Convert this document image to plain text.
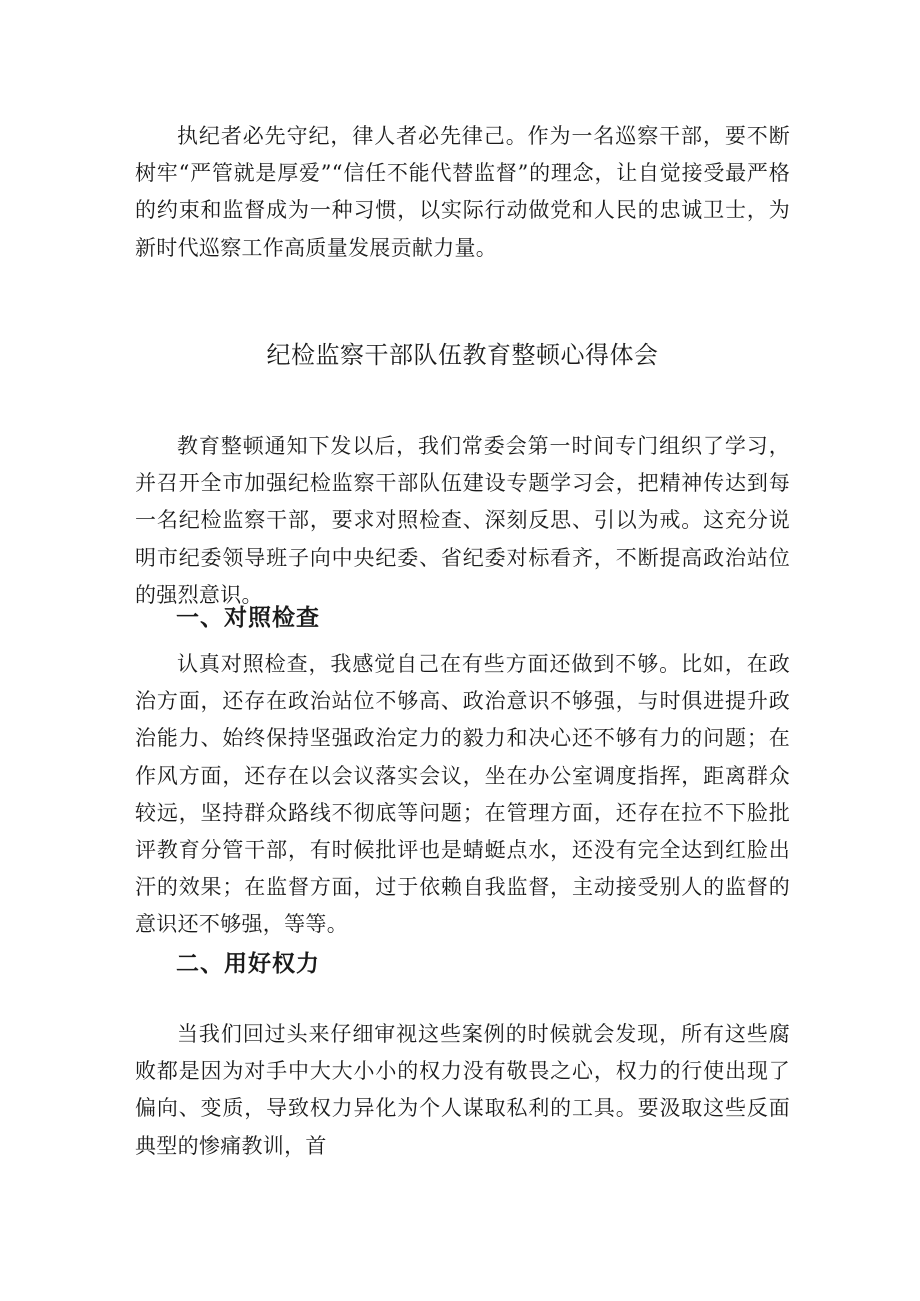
执纪者必先守纪，律人者必先律己。作为一名巡察干部，要不断树牢“严管就是厚爱”“信任不能代替监督”的理念，让自觉接受最严格的约束和监督成为一种习惯，以实际行动做党和人民的忠诚卫士，为新时代巡察工作高质量发展贡献力量。

纪检监察干部队伍教育整顿心得体会

教育整顿通知下发以后，我们常委会第一时间专门组织了学习，并召开全市加强纪检监察干部队伍建设专题学习会，把精神传达到每一名纪检监察干部，要求对照检查、深刻反思、引以为戒。这充分说明市纪委领导班子向中央纪委、省纪委对标看齐，不断提高政治站位的强烈意识。

一、对照检查

认真对照检查，我感觉自己在有些方面还做到不够。比如，在政治方面，还存在政治站位不够高、政治意识不够强，与时俱进提升政治能力、始终保持坚强政治定力的毅力和决心还不够有力的问题；在作风方面，还存在以会议落实会议，坐在办公室调度指挥，距离群众较远，坚持群众路线不彻底等问题；在管理方面，还存在拉不下脸批评教育分管干部，有时候批评也是蜻蜓点水，还没有完全达到红脸出汗的效果；在监督方面，过于依赖自我监督，主动接受别人的监督的意识还不够强，等等。

二、用好权力

当我们回过头来仔细审视这些案例的时候就会发现，所有这些腐败都是因为对手中大大小小的权力没有敬畏之心，权力的行使出现了偏向、变质，导致权力异化为个人谋取私利的工具。要汲取这些反面典型的惨痛教训，首
